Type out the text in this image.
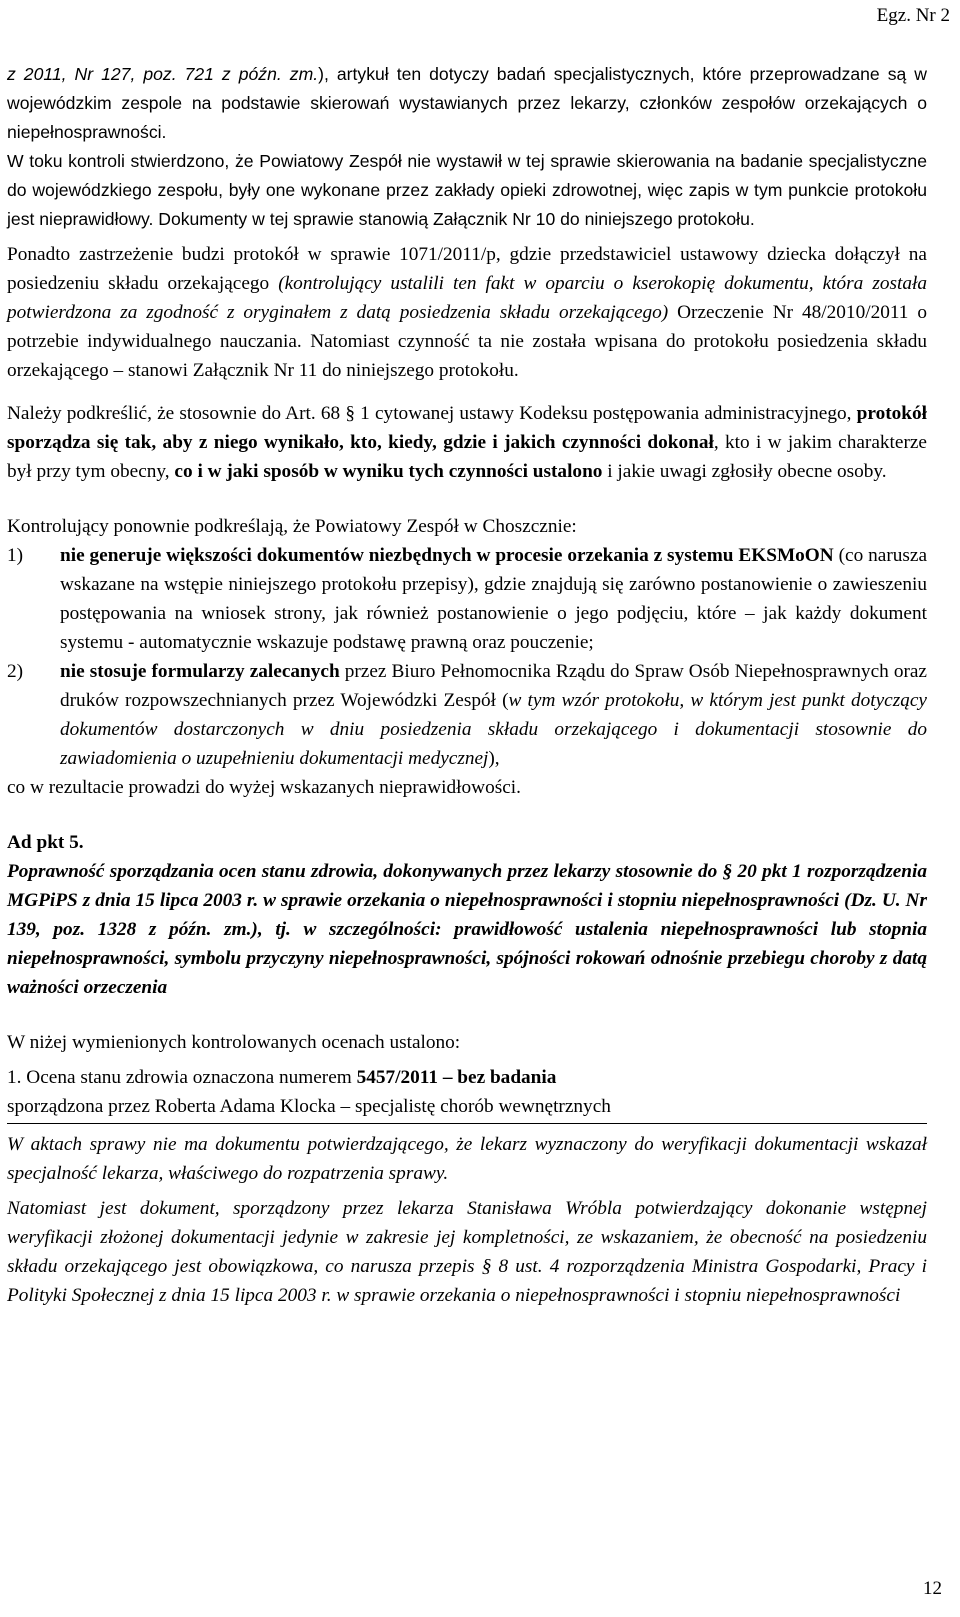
Egz. Nr 2

z 2011, Nr 127, poz. 721 z późn. zm.), artykuł ten dotyczy badań specjalistycznych, które przeprowadzane są w wojewódzkim zespole na podstawie skierowań wystawianych przez lekarzy, członków zespołów orzekających o niepełnosprawności.

W toku kontroli stwierdzono, że Powiatowy Zespół nie wystawił w tej sprawie skierowania na badanie specjalistyczne do wojewódzkiego zespołu, były one wykonane przez zakłady opieki zdrowotnej, więc zapis w tym punkcie protokołu jest nieprawidłowy. Dokumenty w tej sprawie stanowią Załącznik Nr 10 do niniejszego protokołu.

Ponadto zastrzeżenie budzi protokół w sprawie 1071/2011/p, gdzie przedstawiciel ustawowy dziecka dołączył na posiedzeniu składu orzekającego (kontrolujący ustalili ten fakt w oparciu o kserokopię dokumentu, która została potwierdzona za zgodność z oryginałem z datą posiedzenia składu orzekającego) Orzeczenie Nr 48/2010/2011 o potrzebie indywidualnego nauczania. Natomiast czynność ta nie została wpisana do protokołu posiedzenia składu orzekającego – stanowi Załącznik Nr 11 do niniejszego protokołu.

Należy podkreślić, że stosownie do Art. 68 § 1 cytowanej ustawy Kodeksu postępowania administracyjnego, protokół sporządza się tak, aby z niego wynikało, kto, kiedy, gdzie i jakich czynności dokonał, kto i w jakim charakterze był przy tym obecny, co i w jaki sposób w wyniku tych czynności ustalono i jakie uwagi zgłosiły obecne osoby.

Kontrolujący ponownie podkreślają, że Powiatowy Zespół w Choszcznie:

1)	nie generuje większości dokumentów niezbędnych w procesie orzekania z systemu EKSMoON (co narusza wskazane na wstępie niniejszego protokołu przepisy), gdzie znajdują się zarówno postanowienie o zawieszeniu postępowania na wniosek strony, jak również postanowienie o jego podjęciu, które – jak każdy dokument systemu - automatycznie wskazuje podstawę prawną oraz pouczenie;
2)	nie stosuje formularzy zalecanych przez Biuro Pełnomocnika Rządu do Spraw Osób Niepełnosprawnych oraz druków rozpowszechnianych przez Wojewódzki Zespół (w tym wzór protokołu, w którym jest punkt dotyczący dokumentów dostarczonych w dniu posiedzenia składu orzekającego i dokumentacji stosownie do zawiadomienia o uzupełnieniu dokumentacji medycznej),

co w rezultacie prowadzi do wyżej wskazanych nieprawidłowości.

Ad pkt 5.

Poprawność sporządzania ocen stanu zdrowia, dokonywanych przez lekarzy stosownie do § 20 pkt 1 rozporządzenia MGPiPS z dnia 15 lipca 2003 r. w sprawie orzekania o niepełnosprawności i stopniu niepełnosprawności (Dz. U. Nr 139, poz. 1328 z późn. zm.), tj. w szczególności: prawidłowość ustalenia niepełnosprawności lub stopnia niepełnosprawności, symbolu przyczyny niepełnosprawności, spójności rokowań odnośnie przebiegu choroby z datą ważności orzeczenia

W niżej wymienionych kontrolowanych ocenach ustalono:

1. Ocena stanu zdrowia oznaczona numerem 5457/2011 – bez badania

sporządzona przez Roberta Adama Klocka – specjalistę chorób wewnętrznych

W aktach sprawy nie ma dokumentu potwierdzającego, że lekarz wyznaczony do weryfikacji dokumentacji wskazał specjalność lekarza, właściwego do rozpatrzenia sprawy.

Natomiast jest dokument, sporządzony przez lekarza Stanisława Wróbla potwierdzający dokonanie wstępnej weryfikacji złożonej dokumentacji jedynie w zakresie jej kompletności, ze wskazaniem, że obecność na posiedzeniu składu orzekającego jest obowiązkowa, co narusza przepis § 8 ust. 4 rozporządzenia Ministra Gospodarki, Pracy i Polityki Społecznej z dnia 15 lipca 2003 r. w sprawie orzekania o niepełnosprawności i stopniu niepełnosprawności

12
